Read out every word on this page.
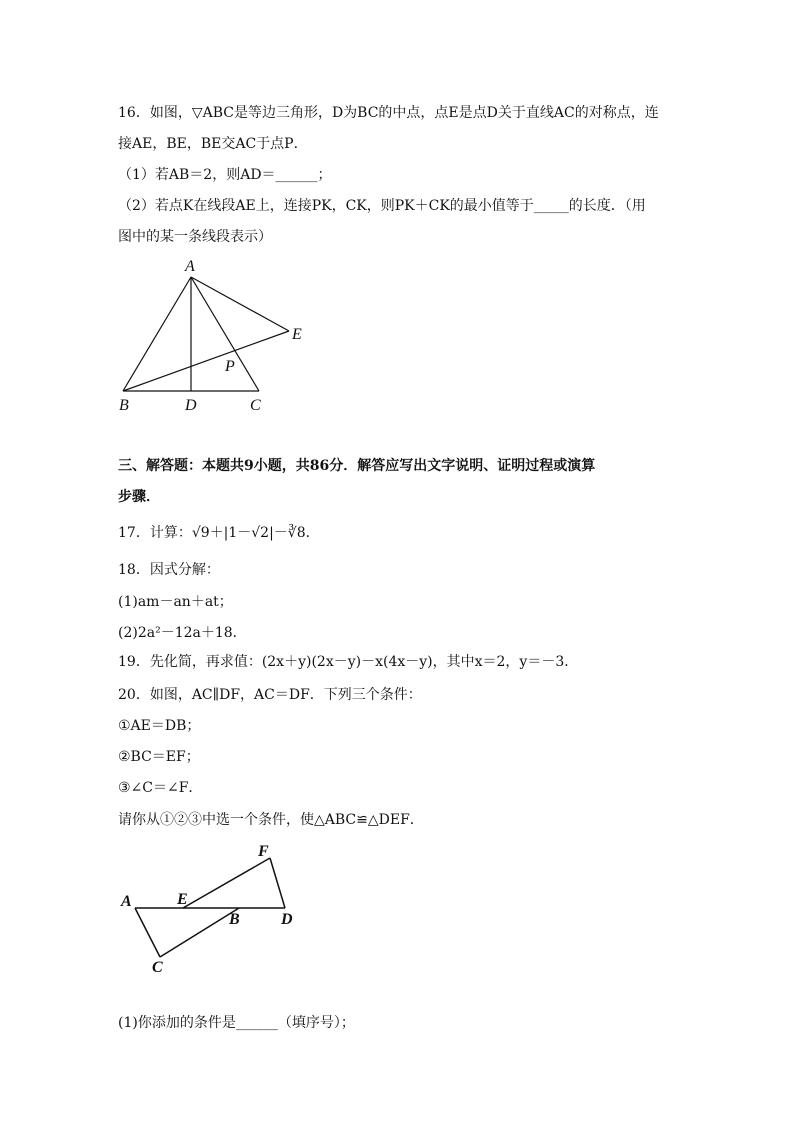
16．如图，▽ABC是等边三角形，D为BC的中点，点E是点D关于直线AC的对称点，连
接AE，BE，BE交AC于点P．
（1）若AB＝2，则AD＝______；
（2）若点K在线段AE上，连接PK，CK，则PK＋CK的最小值等于_____的长度．（用
图中的某一条线段表示）
A
E
P
B	D	C
三、解答题：本题共9小题，共86分．解答应写出文字说明、证明过程或演算
步骤．
17．计算：√9＋|1－√2|－∛8．
18．因式分解：
(1)am－an＋at；
(2)2a²－12a＋18．
19．先化简，再求值：(2x＋y)(2x－y)－x(4x－y)，其中x＝2，y＝－3．
20．如图，AC∥DF，AC＝DF．下列三个条件：
①AE＝DB；
②BC＝EF；
③∠C＝∠F．
请你从①②③中选一个条件，使△ABC≌△DEF．
F
A	E
B	D
C
(1)你添加的条件是______（填序号）；
